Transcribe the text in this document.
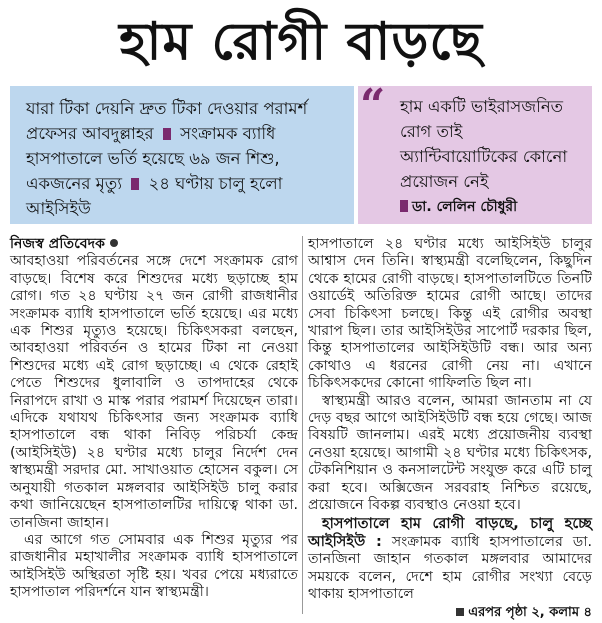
হাম রোগী বাড়ছে
যারা টিকা দেয়নি দ্রুত টিকা দেওয়ার পরামর্শ প্রফেসর আবদুল্লাহর সংক্রামক ব্যাধি হাসপাতালে ভর্তি হয়েছে ৬৯ জন শিশু, একজনের মৃত্যু ২৪ ঘণ্টায় চালু হলো আইসিইউ
“ হাম একটি ভাইরাসজনিত রোগ তাই অ্যান্টিবায়োটিকের কোনো প্রয়োজন নেই
ডা. লেলিন চৌধুরী

নিজস্ব প্রতিবেদক

আবহাওয়া পরিবর্তনের সঙ্গে দেশে সংক্রামক রোগ বাড়ছে। বিশেষ করে শিশুদের মধ্যে ছড়াচ্ছে হাম রোগ। গত ২৪ ঘণ্টায় ২৭ জন রোগী রাজধানীর সংক্রামক ব্যাধি হাসপাতালে ভর্তি হয়েছে। এর মধ্যে এক শিশুর মৃত্যুও হয়েছে। চিকিৎসকরা বলছেন, আবহাওয়া পরিবর্তন ও হামের টিকা না নেওয়া শিশুদের মধ্যে এই রোগ ছড়াচ্ছে। এ থেকে রেহাই পেতে শিশুদের ধুলাবালি ও তাপদাহের থেকে নিরাপদে রাখা ও মাস্ক পরার পরামর্শ দিয়েছেন তারা। এদিকে যথাযথ চিকিৎসার জন্য সংক্রামক ব্যাধি হাসপাতালে বন্ধ থাকা নিবিড় পরিচর্যা কেন্দ্র (আইসিইউ) ২৪ ঘণ্টার মধ্যে চালুর নির্দেশ দেন স্বাস্থ্যমন্ত্রী সরদার মো. সাখাওয়াত হোসেন বকুল। সে অনুযায়ী গতকাল মঙ্গলবার আইসিইউ চালু করার কথা জানিয়েছেন হাসপাতালটির দায়িত্বে থাকা ডা. তানজিনা জাহান।

এর আগে গত সোমবার এক শিশুর মৃত্যুর পর রাজধানীর মহাখালীর সংক্রামক ব্যাধি হাসপাতালে আইসিইউ অস্থিরতা সৃষ্টি হয়। খবর পেয়ে মধ্যরাতে হাসপাতাল পরিদর্শনে যান স্বাস্থ্যমন্ত্রী।

হাসপাতালে ২৪ ঘণ্টার মধ্যে আইসিইউ চালুর আশ্বাস দেন তিনি। স্বাস্থ্যমন্ত্রী বলেছিলেন, কিছুদিন থেকে হামের রোগী বাড়ছে। হাসপাতালটিতে তিনটি ওয়ার্ডেই অতিরিক্ত হামের রোগী আছে। তাদের সেবা চিকিৎসা চলছে। কিন্তু এই রোগীর অবস্থা খারাপ ছিল। তার আইসিইউর সাপোর্ট দরকার ছিল, কিন্তু হাসপাতালের আইসিইউটি বন্ধ। আর অন্য কোথাও এ ধরনের রোগী নেয় না। এখানে চিকিৎসকদের কোনো গাফিলতি ছিল না।

স্বাস্থ্যমন্ত্রী আরও বলেন, আমরা জানতাম না যে দেড় বছর আগে আইসিইউটি বন্ধ হয়ে গেছে। আজ বিষয়টি জানলাম। এরই মধ্যে প্রয়োজনীয় ব্যবস্থা নেওয়া হয়েছে। আগামী ২৪ ঘণ্টার মধ্যে চিকিৎসক, টেকনিশিয়ান ও কনসালটেন্ট সংযুক্ত করে এটি চালু করা হবে। অক্সিজেন সরবরাহ নিশ্চিত রয়েছে, প্রয়োজনে বিকল্প ব্যবস্থাও নেওয়া হবে।

হাসপাতালে হাম রোগী বাড়ছে, চালু হচ্ছে আইসিইউ : সংক্রামক ব্যাধি হাসপাতালের ডা. তানজিনা জাহান গতকাল মঙ্গলবার আমাদের সময়কে বলেন, দেশে হাম রোগীর সংখ্যা বেড়ে থাকায় হাসপাতালে

এরপর পৃষ্ঠা ২, কলাম ৪
